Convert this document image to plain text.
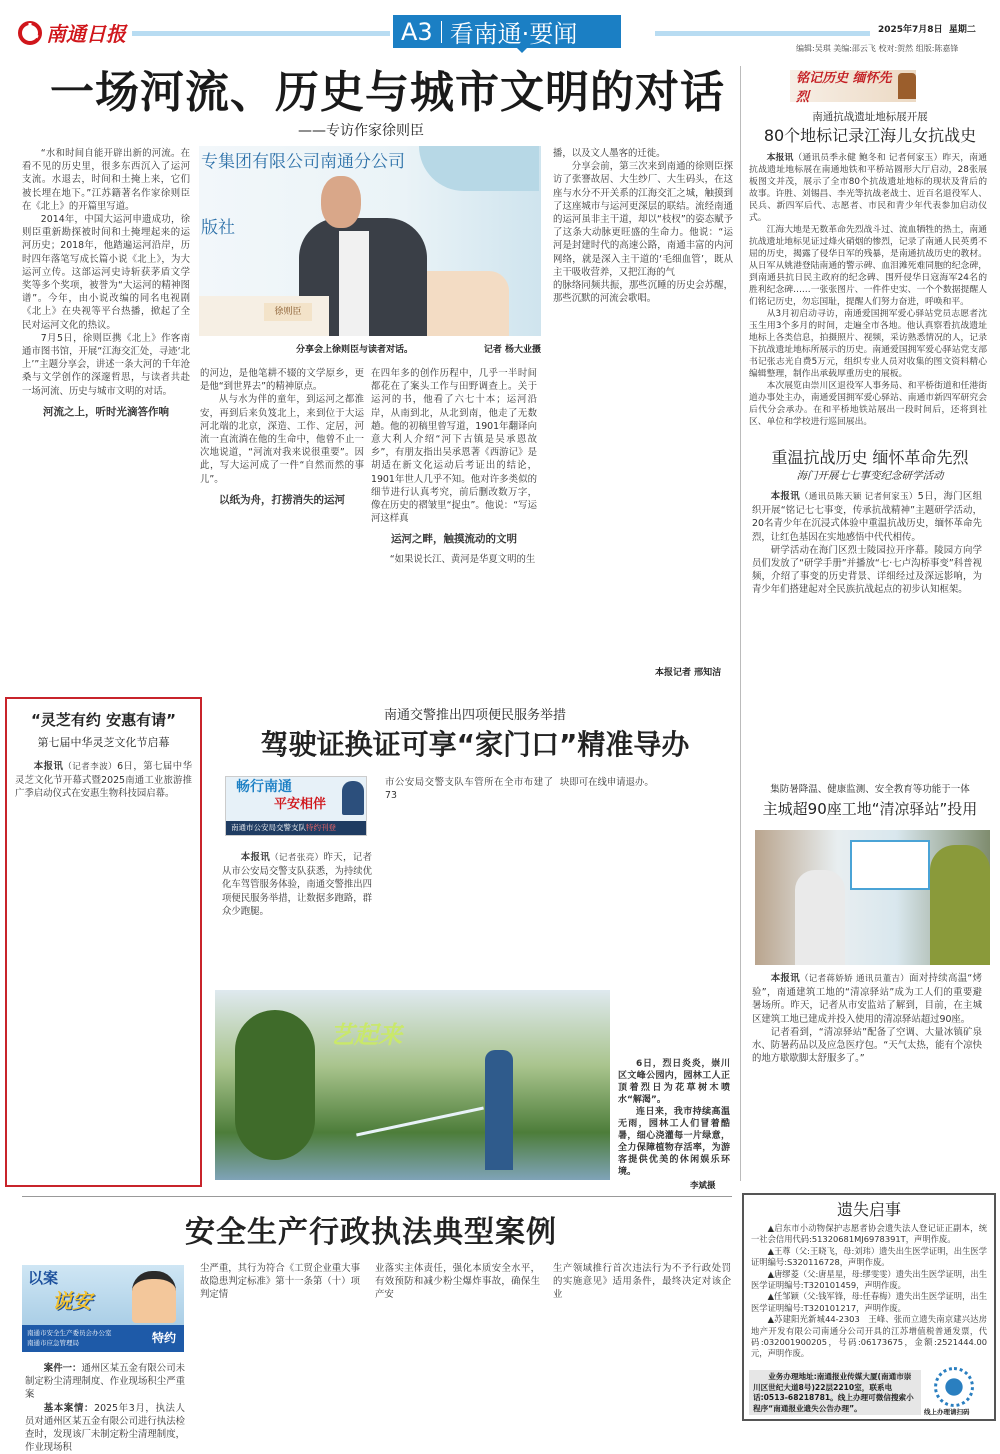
南通日报	A3 看南通·要闻	2025年7月8日 星期二
编辑:吴琪 美编:邵云飞 校对:贺然 组版:陈嘉锋
一场河流、历史与城市文明的对话
——专访作家徐则臣

“水和时间自能开辟出新的河流。在看不见的历史里，很多东西沉入了运河支流。水退去，时间和土掩上来，它们被长埋在地下。”江苏籍著名作家徐则臣在《北上》的开篇里写道。

2014年，中国大运河申遗成功，徐则臣重新勘探被时间和土掩埋起来的运河历史；2018年，他踏遍运河沿岸，历时四年落笔写成长篇小说《北上》，为大运河立传。这部运河史诗斩获茅盾文学奖等多个奖项，被誉为“大运河的精神图谱”。今年，由小说改编的同名电视剧《北上》在央视等平台热播，掀起了全民对运河文化的热议。

7月5日，徐则臣携《北上》作客南通市图书馆，开展“江海交汇处，寻迹‘北上’”主题分享会，讲述一条大河的千年沧桑与文学创作的深邃哲思，与读者共赴一场河流、历史与城市文明的对话。

河流之上，听时光滴答作响

专集团有限公司南通分公司
版社
徐则臣
分享会上徐则臣与读者对话。	记者 杨大业摄

的河边，是他笔耕不辍的文学原乡，更是他“到世界去”的精神原点。

从与水为伴的童年，到运河之都淮安，再到后来负笈北上，来到位于大运河北端的北京，深造、工作、定居，河流一直流淌在他的生命中，他曾不止一次地说道，“河流对我来说很重要”。因此，写大运河成了一件“自然而然的事儿”。

以纸为舟，打捞消失的运河

在四年多的创作历程中，几乎一半时间都花在了案头工作与田野调查上。关于运河的书，他看了六七十本；运河沿岸，从南到北，从北到南，他走了无数趟。他的初稿里曾写道，1901年翻译向意大利人介绍“河下古镇是吴承恩故乡”，有朋友指出吴承恩著《西游记》是胡适在新文化运动后考证出的结论，1901年世人几乎不知。他对许多类似的细节进行认真考究，前后删改数万字，像在历史的褶皱里“捉虫”。他说：“写运河这样真

运河之畔，触摸流动的文明

“如果说长江、黄河是华夏文明的生

播，以及文人墨客的迁徙。

分享会前，第三次来到南通的徐则臣探访了张謇故居、大生纱厂、大生码头，在这座与水分不开关系的江海交汇之城，触摸到了这座城市与运河更深层的联结。流经南通的运河虽非主干道，却以“枝杈”的姿态赋予了这条大动脉更旺盛的生命力。他说：“运河是封建时代的高速公路，南通丰富的内河网络，就是深入主干道的‘毛细血管’，既从主干吸收营养，又把江海的气

的脉络同频共振，那些沉睡的历史会苏醒，那些沉默的河流会歌唱。

本报记者 邢知洁
铭记历史 缅怀先烈
南通抗战遗址地标展开展
80个地标记录江海儿女抗战史

本报讯（通讯员季永健 鲍冬和 记者何家玉）昨天，南通抗战遗址地标展在南通地铁和平桥站圆形大厅启动，28张展板图文并茂，展示了全市80个抗战遗址地标的现状及背后的故事。许胜、刘锡昌、李光等抗战老战士、近百名退役军人、民兵、新四军后代、志愿者、市民和青少年代表参加启动仪式。

江海大地是无数革命先烈战斗过、流血牺牲的热土，南通抗战遗址地标见证过烽火硝烟的惨烈，记录了南通人民英勇不屈的历史，揭露了侵华日军的残暴，是南通抗战历史的教材。从日军从姚港登陆南通的警示碑、血泪滩死难同胞的纪念碑，到南通县抗日民主政府的纪念碑、围歼侵华日寇海军24名的胜利纪念碑……一张张图片、一件件史实、一个个数据提醒人们铭记历史，勿忘国耻，提醒人们努力奋进，呼唤和平。

从3月初启动寻访，南通爱国拥军爱心驿站党员志愿者沈玉生用3个多月的时间，走遍全市各地。他认真察看抗战遗址地标上各类信息，拍摄照片、视频，采访熟悉情况的人，记录下抗战遗址地标所展示的历史。南通爱国拥军爱心驿站党支部书记张志光自费5万元，组织专业人员对收集的图文资料精心编辑整理，制作出承载厚重历史的展板。

本次展览由崇川区退役军人事务局、和平桥街道和任港街道办事处主办，南通爱国拥军爱心驿站、南通市新四军研究会后代分会承办。在和平桥地铁站展出一段时间后，还将到社区、单位和学校进行巡回展出。

重温抗战历史 缅怀革命先烈
海门开展七七事变纪念研学活动

本报讯（通讯员陈天颖 记者何家玉）5日，海门区组织开展“铭记七七事变，传承抗战精神”主题研学活动，20名青少年在沉浸式体验中重温抗战历史，缅怀革命先烈，让红色基因在实地感悟中代代相传。

研学活动在海门区烈士陵园拉开序幕。陵园方向学员们发放了“研学手册”并播放“七·七卢沟桥事变”科普视频，介绍了事变的历史背景、详细经过及深远影响，为青少年们搭建起对全民族抗战起点的初步认知框架。

集防暑降温、健康监测、安全教育等功能于一体
主城超90座工地“清凉驿站”投用

本报讯（记者蒋娇娇 通讯员董吉）面对持续高温“烤验”，南通建筑工地的“清凉驿站”成为工人们的重要避暑场所。昨天，记者从市安监站了解到，目前，在主城区建筑工地已建成并投入使用的清凉驿站超过90座。

记者看到，“清凉驿站”配备了空调、大量冰镇矿泉水、防暑药品以及应急医疗包。“天气太热，能有个凉快的地方歇歇脚太舒服多了。”

“灵芝有约 安惠有请”
第七届中华灵芝文化节启幕

本报讯（记者李波）6日，第七届中华灵芝文化节开幕式暨2025南通工业旅游推广季启动仪式在安惠生物科技园启幕。

南通交警推出四项便民服务举措
驾驶证换证可享“家门口”精准导办
畅行南通
平安相伴
南通市公安局交警支队特约刊登

本报讯（记者张亮）昨天，记者从市公安局交警支队获悉，为持续优化车驾管服务体验，南通交警推出四项便民服务举措，让数据多跑路，群众少跑腿。

市公安局交警支队车管所在全市布建了73

块即可在线申请退办。

艺起来

6日，烈日炎炎，崇川区文峰公园内，园林工人正顶着烈日为花草树木喷水“解渴”。

连日来，我市持续高温无雨，园林工人们冒着酷暑，细心浇灌每一片绿意，全力保障植物存活率，为游客提供优美的休闲娱乐环境。

李斌摄
安全生产行政执法典型案例
以案
说安
南通市安全生产委员会办公室
南通市应急管理局	特约

案件一：通州区某五金有限公司未制定粉尘清理制度、作业现场积尘严重案

基本案情：2025年3月，执法人员对通州区某五金有限公司进行执法检查时，发现该厂未制定粉尘清理制度，作业现场积

尘严重，其行为符合《工贸企业重大事故隐患判定标准》第十一条第（十）项判定情

业落实主体责任，强化本质安全水平，有效预防和减少粉尘爆炸事故，确保生产安

生产领域推行首次违法行为不予行政处罚的实施意见》适用条件，最终决定对该企业

遗失启事

▲启东市小动物保护志愿者协会遗失法人登记证正副本，统一社会信用代码:51320681MJ6978391T，声明作废。

▲王尊（父:王晓飞，母:刘玮）遗失出生医学证明，出生医学证明编号:S320116728，声明作废。

▲唐缪菱（父:唐星星，母:缪雯雯）遗失出生医学证明，出生医学证明编号:T320101459，声明作废。

▲任邹颖（父:钱军锋，母:任春梅）遗失出生医学证明，出生医学证明编号:T320101217，声明作废。

▲苏建阳光新城44-2303　王峰、张而立遗失南京建兴达房地产开发有限公司南通分公司开具的江苏增值税普通发票，代码:032001900205，号码:06173675，金额:2521444.00元，声明作废。

业务办理地址:南通报业传媒大厦(南通市崇川区世纪大道8号)22层2210室，联系电话:0513-68218781。线上办理可微信搜索小程序“南通报业遗失公告办理”。	线上办理请扫码
